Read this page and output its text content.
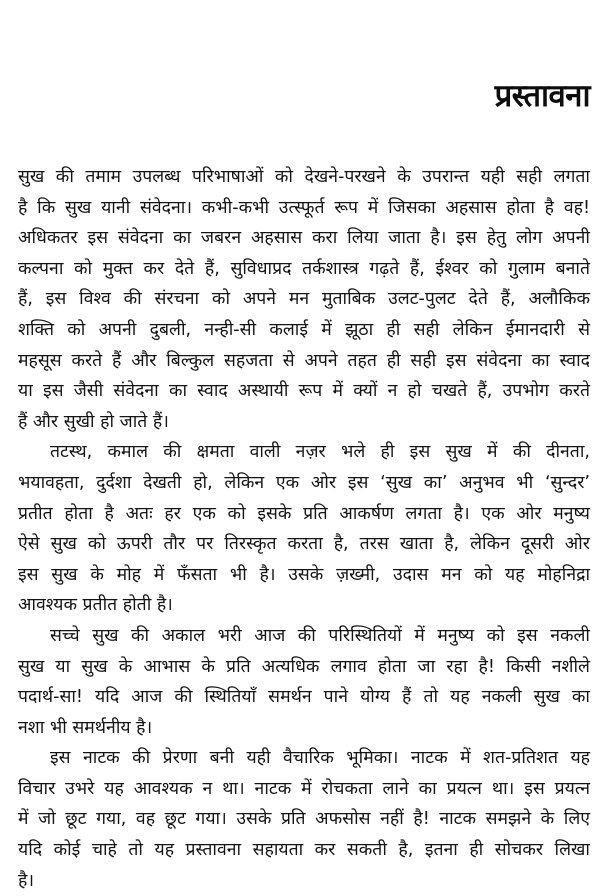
प्रस्तावना
सुख की तमाम उपलब्ध परिभाषाओं को देखने-परखने के उपरान्त यही सही लगता
है कि सुख यानी संवेदना। कभी-कभी उत्स्फूर्त रूप में जिसका अहसास होता है वह!
अधिकतर इस संवेदना का जबरन अहसास करा लिया जाता है। इस हेतु लोग अपनी
कल्पना को मुक्त कर देते हैं, सुविधाप्रद तर्कशास्त्र गढ़ते हैं, ईश्वर को गुलाम बनाते
हैं, इस विश्व की संरचना को अपने मन मुताबिक उलट-पुलट देते हैं, अलौकिक
शक्ति को अपनी दुबली, नन्ही-सी कलाई में झूठा ही सही लेकिन ईमानदारी से
महसूस करते हैं और बिल्कुल सहजता से अपने तहत ही सही इस संवेदना का स्वाद
या इस जैसी संवेदना का स्वाद अस्थायी रूप में क्यों न हो चखते हैं, उपभोग करते
हैं और सुखी हो जाते हैं।
तटस्थ, कमाल की क्षमता वाली नज़र भले ही इस सुख में की दीनता,
भयावहता, दुर्दशा देखती हो, लेकिन एक ओर इस ‘सुख का’ अनुभव भी ‘सुन्दर’
प्रतीत होता है अतः हर एक को इसके प्रति आकर्षण लगता है। एक ओर मनुष्य
ऐसे सुख को ऊपरी तौर पर तिरस्कृत करता है, तरस खाता है, लेकिन दूसरी ओर
इस सुख के मोह में फँसता भी है। उसके ज़ख्मी, उदास मन को यह मोहनिद्रा
आवश्यक प्रतीत होती है।
सच्चे सुख की अकाल भरी आज की परिस्थितियों में मनुष्य को इस नकली
सुख या सुख के आभास के प्रति अत्यधिक लगाव होता जा रहा है! किसी नशीले
पदार्थ-सा! यदि आज की स्थितियाँ समर्थन पाने योग्य हैं तो यह नकली सुख का
नशा भी समर्थनीय है।
इस नाटक की प्रेरणा बनी यही वैचारिक भूमिका। नाटक में शत-प्रतिशत यह
विचार उभरे यह आवश्यक न था। नाटक में रोचकता लाने का प्रयत्न था। इस प्रयत्न
में जो छूट गया, वह छूट गया। उसके प्रति अफसोस नहीं है! नाटक समझने के लिए
यदि कोई चाहे तो यह प्रस्तावना सहायता कर सकती है, इतना ही सोचकर लिखा
है।
